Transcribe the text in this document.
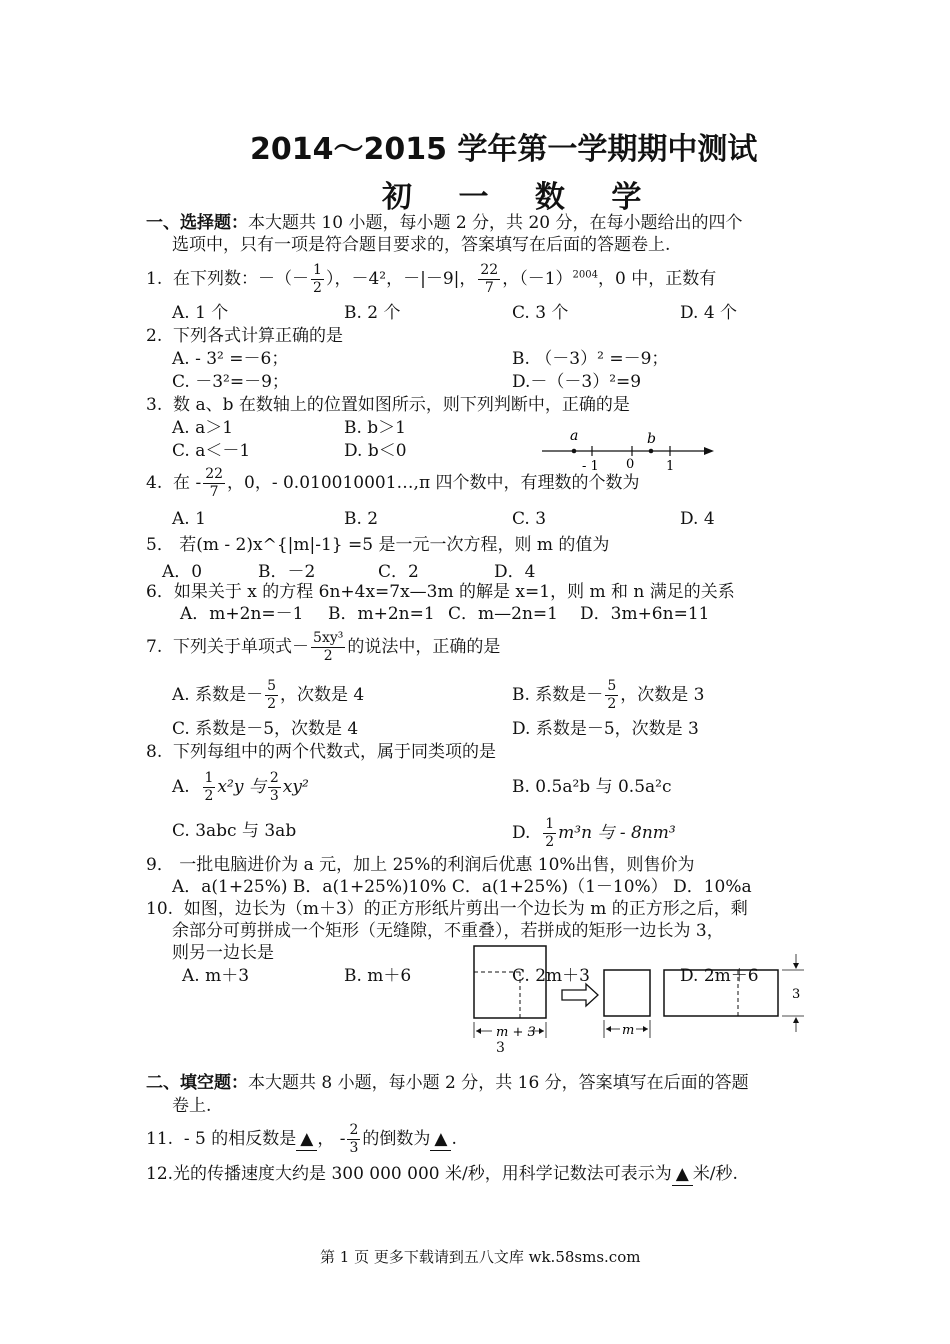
2014～2015 学年第一学期期中测试
初 一 数 学
一、选择题：本大题共 10 小题，每小题 2 分，共 20 分，在每小题给出的四个
选项中，只有一项是符合题目要求的，答案填写在后面的答题卷上.
1. 在下列数：－（－ $\frac{1}{2}$ ），－4²，－|－9|， $\frac{22}{7}$ ，$(-1)^{2004}$，0 中，正数有
A. 1 个	B. 2 个	C. 3 个	D. 4 个
2. 下列各式计算正确的是
A. - 3² =－6；	B. （－3）² =－9；
C. －3²=－9；	D.－（－3）²=9
3. 数 a、b 在数轴上的位置如图所示，则下列判断中，正确的是
A. a＞1	B. b＞1
C. a＜－1	D. b＜0
a	b
- 1 0 1
4. 在 - $\frac{22}{7}$ ，0，- 0.010010001…,π 四个数中，有理数的个数为
A. 1	B. 2	C. 3	D. 4
5． 若(m - 2)x^{|m|-1} =5 是一元一次方程，则 m 的值为
A．0	B．－2	C．2	D．4
6．如果关于 x 的方程 6n+4x=7x—3m 的解是 x=1，则 m 和 n 满足的关系
A．m+2n=－1 B．m+2n=1 C．m—2n=1 D．3m+6n=11
7. 下列关于单项式－ $\frac{\text{5xy³}}{2}$ 的说法中，正确的是
A. 系数是－ $\frac{5}{2}$ ，次数是 4	B. 系数是－ $\frac{5}{2}$ ，次数是 3
C. 系数是－5，次数是 4	D. 系数是－5，次数是 3
8. 下列每组中的两个代数式，属于同类项的是
A. $\frac{1}{2} x^2y$ 与 $\frac{2}{3} xy^2$	B. 0.5a²b 与 0.5a²c
C. 3abc 与 3ab	D. $\frac{1}{2} m^3n$ 与 - 8nm³
9． 一批电脑进价为 a 元，加上 25%的利润后优惠 10%出售，则售价为
A．a(1+25%) B．a(1+25%)10% C．a(1+25%)（1－10%） D．10%a
10. 如图，边长为（m＋3）的正方形纸片剪出一个边长为 m 的正方形之后，剩
余部分可剪拼成一个矩形（无缝隙，不重叠），若拼成的矩形一边长为 3，
则另一边长是
A. m＋3	B. m＋6	C. 2m＋3	D. 2m＋6
m + 3	m
3
3
二、填空题：本大题共 8 小题，每小题 2 分，共 16 分，答案填写在后面的答题
卷上.
11. - 5 的相反数是 ▲ ， - $\frac{2}{3}$ 的倒数为 ▲ .
12.光的传播速度大约是 300 000 000 米/秒，用科学记数法可表示为 ▲ 米/秒.
第 1 页 更多下载请到五八文库 wk.58sms.com
